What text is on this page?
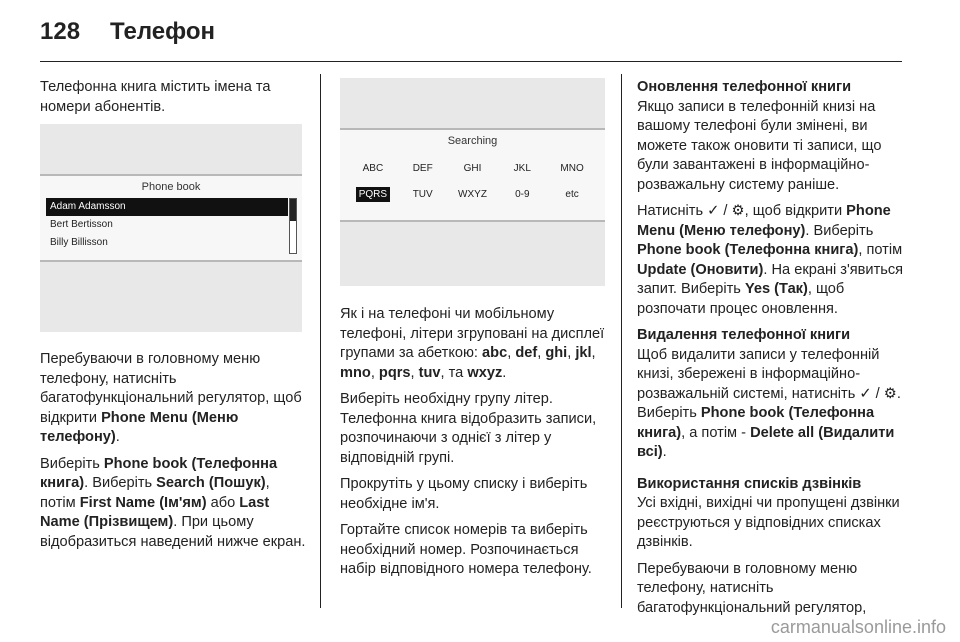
128 Телефон

Телефонна книга містить імена та номери абонентів.

Phone book
Adam Adamsson
Bert Bertisson
Billy Billisson

Перебуваючи в головному меню телефону, натисніть багатофункціональний регулятор, щоб відкрити Phone Menu (Меню телефону).

Виберіть Phone book (Телефонна книга). Виберіть Search (Пошук), потім First Name (Ім'ям) або Last Name (Прізвищем). При цьому відобразиться наведений нижче екран.

Searching
ABC	DEF	GHI	JKL	MNO
PQRS	TUV	WXYZ	0-9	etc

Як і на телефоні чи мобільному телефоні, літери згруповані на дисплеї групами за абеткою: abc, def, ghi, jkl, mno, pqrs, tuv, та wxyz.

Виберіть необхідну групу літер. Телефонна книга відобразить записи, розпочинаючи з однієї з літер у відповідній групі.

Прокрутіть у цьому списку і виберіть необхідне ім'я.

Гортайте список номерів та виберіть необхідний номер. Розпочинається набір відповідного номера телефону.

Оновлення телефонної книги

Якщо записи в телефонній книзі на вашому телефоні були змінені, ви можете також оновити ті записи, що були завантажені в інформаційно-розважальну систему раніше.

Натисніть ✓ / ⚙, щоб відкрити Phone Menu (Меню телефону). Виберіть Phone book (Телефонна книга), потім Update (Оновити). На екрані з'явиться запит. Виберіть Yes (Так), щоб розпочати процес оновлення.

Видалення телефонної книги

Щоб видалити записи у телефонній книзі, збережені в інформаційно-розважальній системі, натисніть ✓ / ⚙. Виберіть Phone book (Телефонна книга), а потім - Delete all (Видалити всі).

Використання списків дзвінків

Усі вхідні, вихідні чи пропущені дзвінки реєструються у відповідних списках дзвінків.

Перебуваючи в головному меню телефону, натисніть багатофункціональний регулятор,

carmanualsonline.info
